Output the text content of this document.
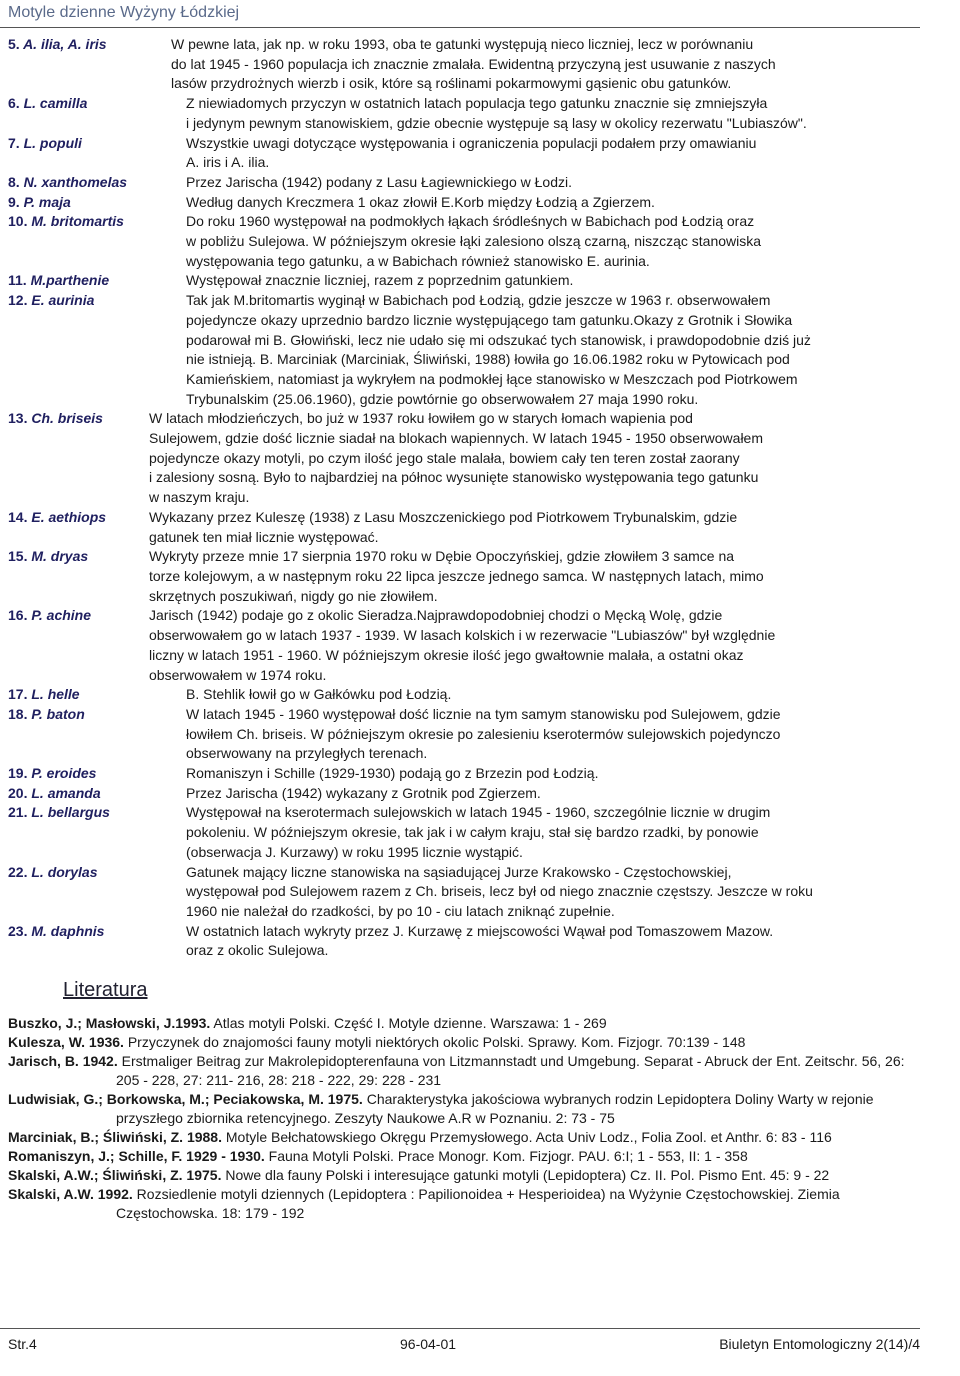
Motyle dzienne Wyżyny Łódzkiej
5. A. ilia, A. iris	W pewne lata, jak np. w roku 1993, oba te gatunki występują nieco liczniej, lecz w porównaniu
do lat 1945 - 1960 populacja ich znacznie zmalała. Ewidentną przyczyną jest usuwanie z naszych
lasów przydrożnych wierzb i osik, które są roślinami pokarmowymi gąsienic obu gatunków.
6. L. camilla	Z niewiadomych przyczyn w ostatnich latach populacja tego gatunku znacznie się zmniejszyła
i jedynym pewnym stanowiskiem, gdzie obecnie występuje są lasy w okolicy rezerwatu "Lubiaszów".
7. L. populi	Wszystkie uwagi dotyczące występowania i ograniczenia populacji podałem przy omawianiu
A. iris i A. ilia.
8. N. xanthomelas	Przez Jarischa (1942) podany z Lasu Łagiewnickiego w Łodzi.
9. P. maja	Według danych Kreczmera 1 okaz złowił E.Korb między Łodzią a Zgierzem.
10. M. britomartis	Do roku 1960 występował na podmokłych łąkach śródleśnych w Babichach pod Łodzią oraz
w pobliżu Sulejowa. W późniejszym okresie łąki zalesiono olszą czarną, niszcząc stanowiska
występowania tego gatunku, a w Babichach również stanowisko E. aurinia.
11. M.parthenie	Występował znacznie liczniej, razem z poprzednim gatunkiem.
12. E. aurinia	Tak jak M.britomartis wyginął w Babichach pod Łodzią, gdzie jeszcze w 1963 r. obserwowałem
pojedyncze okazy uprzednio bardzo licznie występującego tam gatunku.Okazy z Grotnik i Słowika
podarował mi B. Głowiński, lecz nie udało się mi odszukać tych stanowisk, i prawdopodobnie dziś już
nie istnieją. B. Marciniak (Marciniak, Śliwiński, 1988) łowiła go 16.06.1982 roku w Pytowicach pod
Kamieńskiem, natomiast ja wykryłem na podmokłej łące stanowisko w Meszczach pod Piotrkowem
Trybunalskim (25.06.1960), gdzie powtórnie go obserwowałem 27 maja 1990 roku.
13. Ch. briseis	W latach młodzieńczych, bo już w 1937 roku łowiłem go w starych łomach wapienia pod
Sulejowem, gdzie dość licznie siadał na blokach wapiennych. W latach 1945 - 1950 obserwowałem
pojedyncze okazy motyli, po czym ilość jego stale malała, bowiem cały ten teren został zaorany
i zalesiony sosną. Było to najbardziej na północ wysunięte stanowisko występowania tego gatunku
w naszym kraju.
14. E. aethiops	Wykazany przez Kuleszę (1938) z Lasu Moszczenickiego pod Piotrkowem Trybunalskim, gdzie
gatunek ten miał licznie występować.
15. M. dryas	Wykryty przeze mnie 17 sierpnia 1970 roku w Dębie Opoczyńskiej, gdzie złowiłem 3 samce na
torze kolejowym, a w następnym roku 22 lipca jeszcze jednego samca. W następnych latach, mimo
skrzętnych poszukiwań, nigdy go nie złowiłem.
16. P. achine	Jarisch (1942) podaje go z okolic Sieradza.Najprawdopodobniej chodzi o Męcką Wolę, gdzie
obserwowałem go w latach 1937 - 1939. W lasach kolskich i w rezerwacie "Lubiaszów" był względnie
liczny w latach 1951 - 1960. W późniejszym okresie ilość jego gwałtownie malała, a ostatni okaz
obserwowałem w 1974 roku.
17. L. helle	B. Stehlik łowił go w Gałkówku pod Łodzią.
18. P. baton	W latach 1945 - 1960 występował dość licznie na tym samym stanowisku pod Sulejowem, gdzie
łowiłem Ch. briseis. W późniejszym okresie po zalesieniu kserotermów sulejowskich pojedynczo
obserwowany na przyległych terenach.
19. P. eroides	Romaniszyn i Schille (1929-1930) podają go z Brzezin pod Łodzią.
20. L. amanda	Przez Jarischa (1942) wykazany z Grotnik pod Zgierzem.
21. L. bellargus	Występował na kserotermach sulejowskich w latach 1945 - 1960, szczególnie licznie w drugim
pokoleniu. W późniejszym okresie, tak jak i w całym kraju, stał się bardzo rzadki, by ponowie
(obserwacja J. Kurzawy) w roku 1995 licznie wystąpić.
22. L. dorylas	Gatunek mający liczne stanowiska na sąsiadującej Jurze Krakowsko - Częstochowskiej,
występował pod Sulejowem razem z Ch. briseis, lecz był od niego znacznie częstszy. Jeszcze w roku
1960 nie należał do rzadkości, by po 10 - ciu latach zniknąć zupełnie.
23. M. daphnis	W ostatnich latach wykryty przez J. Kurzawę z miejscowości Wąwał pod Tomaszowem Mazow.
oraz z okolic Sulejowa.
Literatura
Buszko, J.; Masłowski, J.1993. Atlas motyli Polski. Część I. Motyle dzienne. Warszawa: 1 - 269
Kulesza, W. 1936. Przyczynek do znajomości fauny motyli niektórych okolic Polski. Sprawy. Kom. Fizjogr. 70:139 - 148
Jarisch, B. 1942. Erstmaliger Beitrag zur Makrolepidopterenfauna von Litzmannstadt und Umgebung. Separat - Abruck der Ent. Zeitschr. 56, 26: 205 - 228, 27: 211- 216, 28: 218 - 222, 29: 228 - 231
Ludwisiak, G.; Borkowska, M.; Peciakowska, M. 1975. Charakterystyka jakościowa wybranych rodzin Lepidoptera Doliny Warty w rejonie przyszłego zbiornika retencyjnego. Zeszyty Naukowe A.R w Poznaniu. 2: 73 - 75
Marciniak, B.; Śliwiński, Z. 1988. Motyle Bełchatowskiego Okręgu Przemysłowego. Acta Univ Lodz., Folia Zool. et Anthr. 6: 83 - 116
Romaniszyn, J.; Schille, F. 1929 - 1930. Fauna Motyli Polski. Prace Monogr. Kom. Fizjogr. PAU. 6:I; 1 - 553, II: 1 - 358
Skalski, A.W.; Śliwiński, Z. 1975. Nowe dla fauny Polski i interesujące gatunki motyli (Lepidoptera) Cz. II. Pol. Pismo Ent. 45: 9 - 22
Skalski, A.W. 1992. Rozsiedlenie motyli dziennych (Lepidoptera : Papilionoidea + Hesperioidea) na Wyżynie Częstochowskiej. Ziemia Częstochowska. 18: 179 - 192
Str.4	96-04-01	Biuletyn Entomologiczny 2(14)/4
